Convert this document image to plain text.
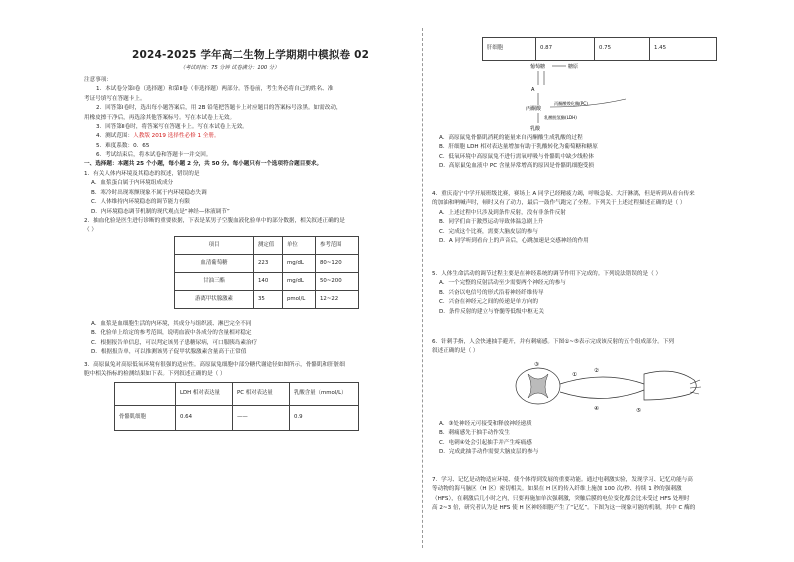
2024-2025 学年高二生物上学期期中模拟卷 02
（考试时间：75 分钟 试卷满分：100 分）
注意事项：
1．本试卷分第Ⅰ卷（选择题）和第Ⅱ卷（非选择题）两部分。答卷前，考生务必将自己的姓名、准
考证号填写在答题卡上。
2．回答第Ⅰ卷时，选出每小题答案后，用 2B 铅笔把答题卡上对应题目的答案标号涂黑。如需改动，
用橡皮擦干净后，再选涂其他答案标号。写在本试卷上无效。
3．回答第Ⅱ卷时，将答案写在答题卡上。写在本试卷上无效。
4．测试范围：人教版 2019 选择性必修 1 全册。
5．难度系数：0．65
6．考试结束后，将本试卷和答题卡一并交回。
一、选择题：本题共 25 个小题，每小题 2 分，共 50 分。每小题只有一个选项符合题目要求。
1．有关人体内环境及其稳态的叙述，错误的是
A．血浆蛋白属于内环境组成成分
B．寒冷时出现寒颤现象不属于内环境稳态失调
C．人体维持内环境稳态的调节能力有限
D．内环境稳态调节机制的现代观点是“神经—体液调节”
2．抽血化验是医生进行诊断的重要依据，下表是某男子空腹血液化验单中的部分数据，相关叙述正确的是
（ ）
项目	测定值	单位	参考范围
血清葡萄糖	223	mg/dL	80~120
甘油三酯	140	mg/dL	50~200
游离甲状腺激素	35	pmol/L	12~22
A．血浆是血细胞生活的内环境，其成分与组织液、淋巴完全不同
B．化验单上给定的参考范围，说明血液中各成分的含量相对稳定
C．根据报告单信息，可以判定该男子患糖尿病，可口服胰岛素治疗
D．根据报告单，可以推测该男子促甲状腺激素含量高于正常值
3．高原鼠兔对高原低氧环境有很强的适应性。高原鼠兔细胞中部分糖代谢途径如图所示，骨骼肌和肝脏细
胞中相关指标的检测结果如下表。下列叙述正确的是（ ）
	LDH 相对表达量	PC 相对表达量	乳酸含量（mmol/L）
骨骼肌细胞	0.64	——	0.9
肝细胞	0.87	0.75	1.45
葡萄糖	糖原
A
丙酮酸
丙酮酸羧化酶(PC)
乳酸脱氢酶(LDH)
乳酸
A．高原鼠兔骨骼肌消耗的能量来自丙酮酸生成乳酸的过程
B．肝细胞 LDH 相对表达量增加有助于乳酸转化为葡萄糖和糖原
C．低氧环境中高原鼠兔不进行需氧呼吸与骨骼肌中缺少线粒体
D．高原鼠兔血液中 PC 含量异常增高的原因是骨骼肌细胞受损
4．重庆南宁中学开展班级比赛，赛场上 A 同学已经精疲力竭，呼吸急促、大汗淋漓，但是听到从看台传来
的加油和呐喊声时，顿时又有了动力，最后一鼓作气跑完了全程。下列关于上述过程描述正确的是（ ）
A．上述过程中只涉及到条件反射，没有非条件反射
B．同学们由于激烈运动导致体温急剧上升
C．完成这个比赛，需要大脑皮层的参与
D．A 同学听到看台上的声音后，心跳加速是交感神经的作用
5．人体生命活动的调节过程主要是在神经系统的调节作用下完成的。下列说法错误的是（ ）
A．一个完整的反射活动至少需要两个神经元的参与
B．兴奋以电信号的形式沿着神经纤维传导
C．兴奋在神经元之间的传递是单方向的
D．条件反射的建立与脊髓等低级中枢无关
6．针刺手指，人会快速抽手避开，并有刺痛感。下图①~⑤表示完成该反射的五个组成部分。下列
叙述正确的是（ ）
①
②
③
④	⑤
A．③处神经元可接受和释放神经递质
B．刺痛感先于抽手动作发生
C．电刺④处会引起抽手并产生疼痛感
D．完成此抽手动作需要大脑皮层的参与
7．学习、记忆是动物适应环境、使个体得到发展的重要功能。通过电刺激实验，发现学习、记忆功能与高
等动物的海马脑区（H 区）密切相关。如果在 H 区的传入纤维上施加 100 次/秒、持续 1 秒的强刺激
（HFS），在刺激后几小时之内，只要再施加单次强刺激，突触后膜的电位变化都会比未受过 HFS 处理时
高 2~3 倍，研究者认为是 HFS 使 H 区神经细胞产生了“记忆”。下图为这一现象可能的机制，其中 C 酶的
